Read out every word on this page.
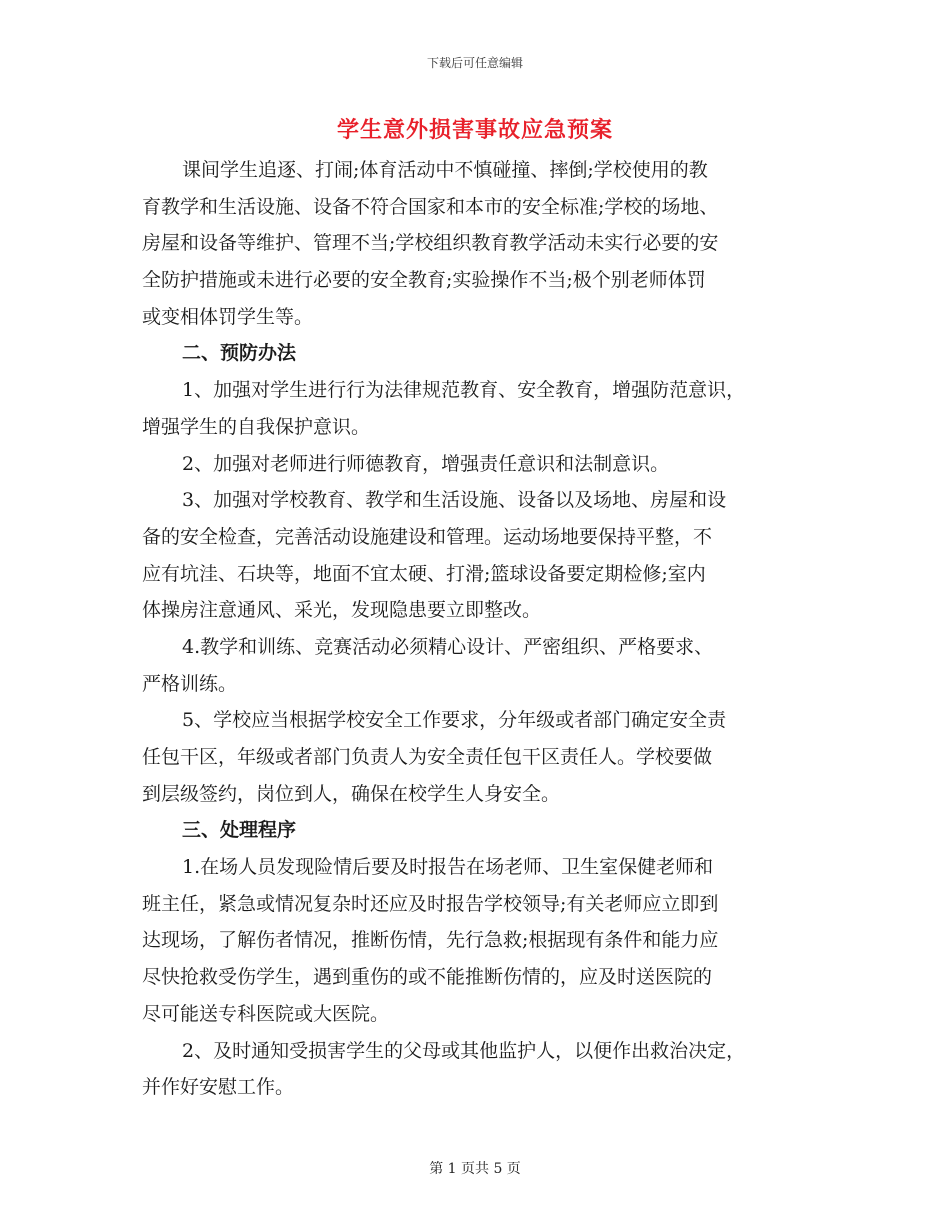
下载后可任意编辑
学生意外损害事故应急预案
课间学生追逐、打闹;体育活动中不慎碰撞、摔倒;学校使用的教
育教学和生活设施、设备不符合国家和本市的安全标准;学校的场地、
房屋和设备等维护、管理不当;学校组织教育教学活动未实行必要的安
全防护措施或未进行必要的安全教育;实验操作不当;极个别老师体罚
或变相体罚学生等。
二、预防办法
1、加强对学生进行行为法律规范教育、安全教育，增强防范意识，
增强学生的自我保护意识。
2、加强对老师进行师德教育，增强责任意识和法制意识。
3、加强对学校教育、教学和生活设施、设备以及场地、房屋和设
备的安全检查，完善活动设施建设和管理。运动场地要保持平整，不
应有坑洼、石块等，地面不宜太硬、打滑;篮球设备要定期检修;室内
体操房注意通风、采光，发现隐患要立即整改。
4.教学和训练、竞赛活动必须精心设计、严密组织、严格要求、
严格训练。
5、学校应当根据学校安全工作要求，分年级或者部门确定安全责
任包干区，年级或者部门负责人为安全责任包干区责任人。学校要做
到层级签约，岗位到人，确保在校学生人身安全。
三、处理程序
1.在场人员发现险情后要及时报告在场老师、卫生室保健老师和
班主任，紧急或情况复杂时还应及时报告学校领导;有关老师应立即到
达现场，了解伤者情况，推断伤情，先行急救;根据现有条件和能力应
尽快抢救受伤学生，遇到重伤的或不能推断伤情的，应及时送医院的
尽可能送专科医院或大医院。
2、及时通知受损害学生的父母或其他监护人，以便作出救治决定，
并作好安慰工作。
第 1 页共 5 页
